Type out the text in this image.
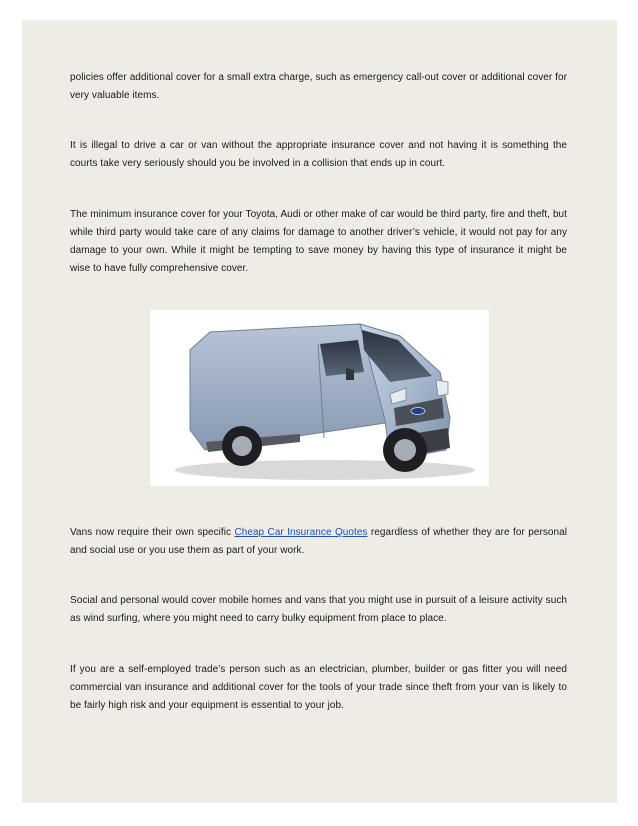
policies offer additional cover for a small extra charge, such as emergency call-out cover or additional cover for very valuable items.

It is illegal to drive a car or van without the appropriate insurance cover and not having it is something the courts take very seriously should you be involved in a collision that ends up in court.

The minimum insurance cover for your Toyota, Audi or other make of car would be third party, fire and theft, but while third party would take care of any claims for damage to another driver’s vehicle, it would not pay for any damage to your own. While it might be tempting to save money by having this type of insurance it might be wise to have fully comprehensive cover.

Vans now require their own specific Cheap Car Insurance Quotes regardless of whether they are for personal and social use or you use them as part of your work.

Social and personal would cover mobile homes and vans that you might use in pursuit of a leisure activity such as wind surfing, where you might need to carry bulky equipment from place to place.

If you are a self-employed trade’s person such as an electrician, plumber, builder or gas fitter you will need commercial van insurance and additional cover for the tools of your trade since theft from your van is likely to be fairly high risk and your equipment is essential to your job.
